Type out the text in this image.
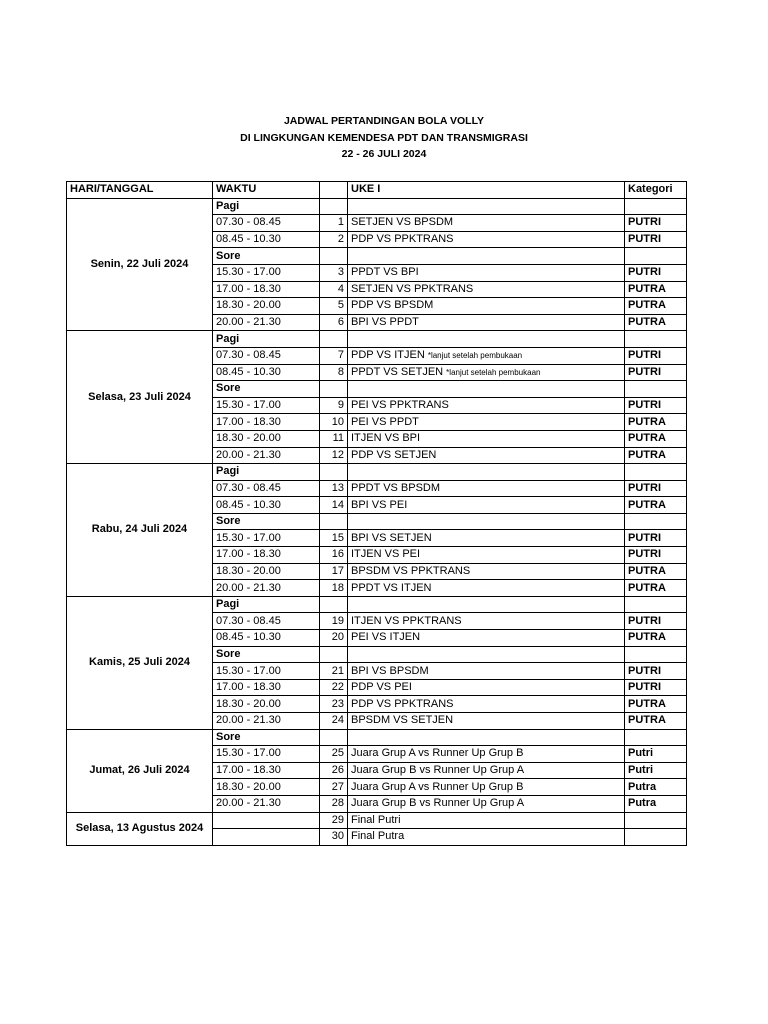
JADWAL PERTANDINGAN BOLA VOLLY
DI LINGKUNGAN KEMENDESA PDT DAN TRANSMIGRASI
22 - 26 JULI 2024
HARI/TANGGAL	WAKTU		UKE I	Kategori
Senin, 22 Juli 2024	Pagi			
	07.30 - 08.45	1	SETJEN VS BPSDM	PUTRI
	08.45 - 10.30	2	PDP VS PPKTRANS	PUTRI
	Sore			
	15.30 - 17.00	3	PPDT VS BPI	PUTRI
	17.00 - 18.30	4	SETJEN VS PPKTRANS	PUTRA
	18.30 - 20.00	5	PDP VS BPSDM	PUTRA
	20.00 - 21.30	6	BPI VS PPDT	PUTRA
Selasa, 23 Juli 2024	Pagi			
	07.30 - 08.45	7	PDP VS ITJEN *lanjut setelah pembukaan	PUTRI
	08.45 - 10.30	8	PPDT VS SETJEN *lanjut setelah pembukaan	PUTRI
	Sore			
	15.30 - 17.00	9	PEI VS PPKTRANS	PUTRI
	17.00 - 18.30	10	PEI VS PPDT	PUTRA
	18.30 - 20.00	11	ITJEN VS BPI	PUTRA
	20.00 - 21.30	12	PDP VS SETJEN	PUTRA
Rabu, 24 Juli 2024	Pagi			
	07.30 - 08.45	13	PPDT VS BPSDM	PUTRI
	08.45 - 10.30	14	BPI VS PEI	PUTRA
	Sore			
	15.30 - 17.00	15	BPI VS SETJEN	PUTRI
	17.00 - 18.30	16	ITJEN VS PEI	PUTRI
	18.30 - 20.00	17	BPSDM VS PPKTRANS	PUTRA
	20.00 - 21.30	18	PPDT VS ITJEN	PUTRA
Kamis, 25 Juli 2024	Pagi			
	07.30 - 08.45	19	ITJEN VS PPKTRANS	PUTRI
	08.45 - 10.30	20	PEI VS ITJEN	PUTRA
	Sore			
	15.30 - 17.00	21	BPI VS BPSDM	PUTRI
	17.00 - 18.30	22	PDP VS PEI	PUTRI
	18.30 - 20.00	23	PDP VS PPKTRANS	PUTRA
	20.00 - 21.30	24	BPSDM VS SETJEN	PUTRA
Jumat, 26 Juli 2024	Sore			
	15.30 - 17.00	25	Juara Grup A vs Runner Up Grup B	Putri
	17.00 - 18.30	26	Juara Grup B vs Runner Up Grup A	Putri
	18.30 - 20.00	27	Juara Grup A vs Runner Up Grup B	Putra
	20.00 - 21.30	28	Juara Grup B vs Runner Up Grup A	Putra
Selasa, 13 Agustus 2024		29	Final Putri	
		30	Final Putra	
